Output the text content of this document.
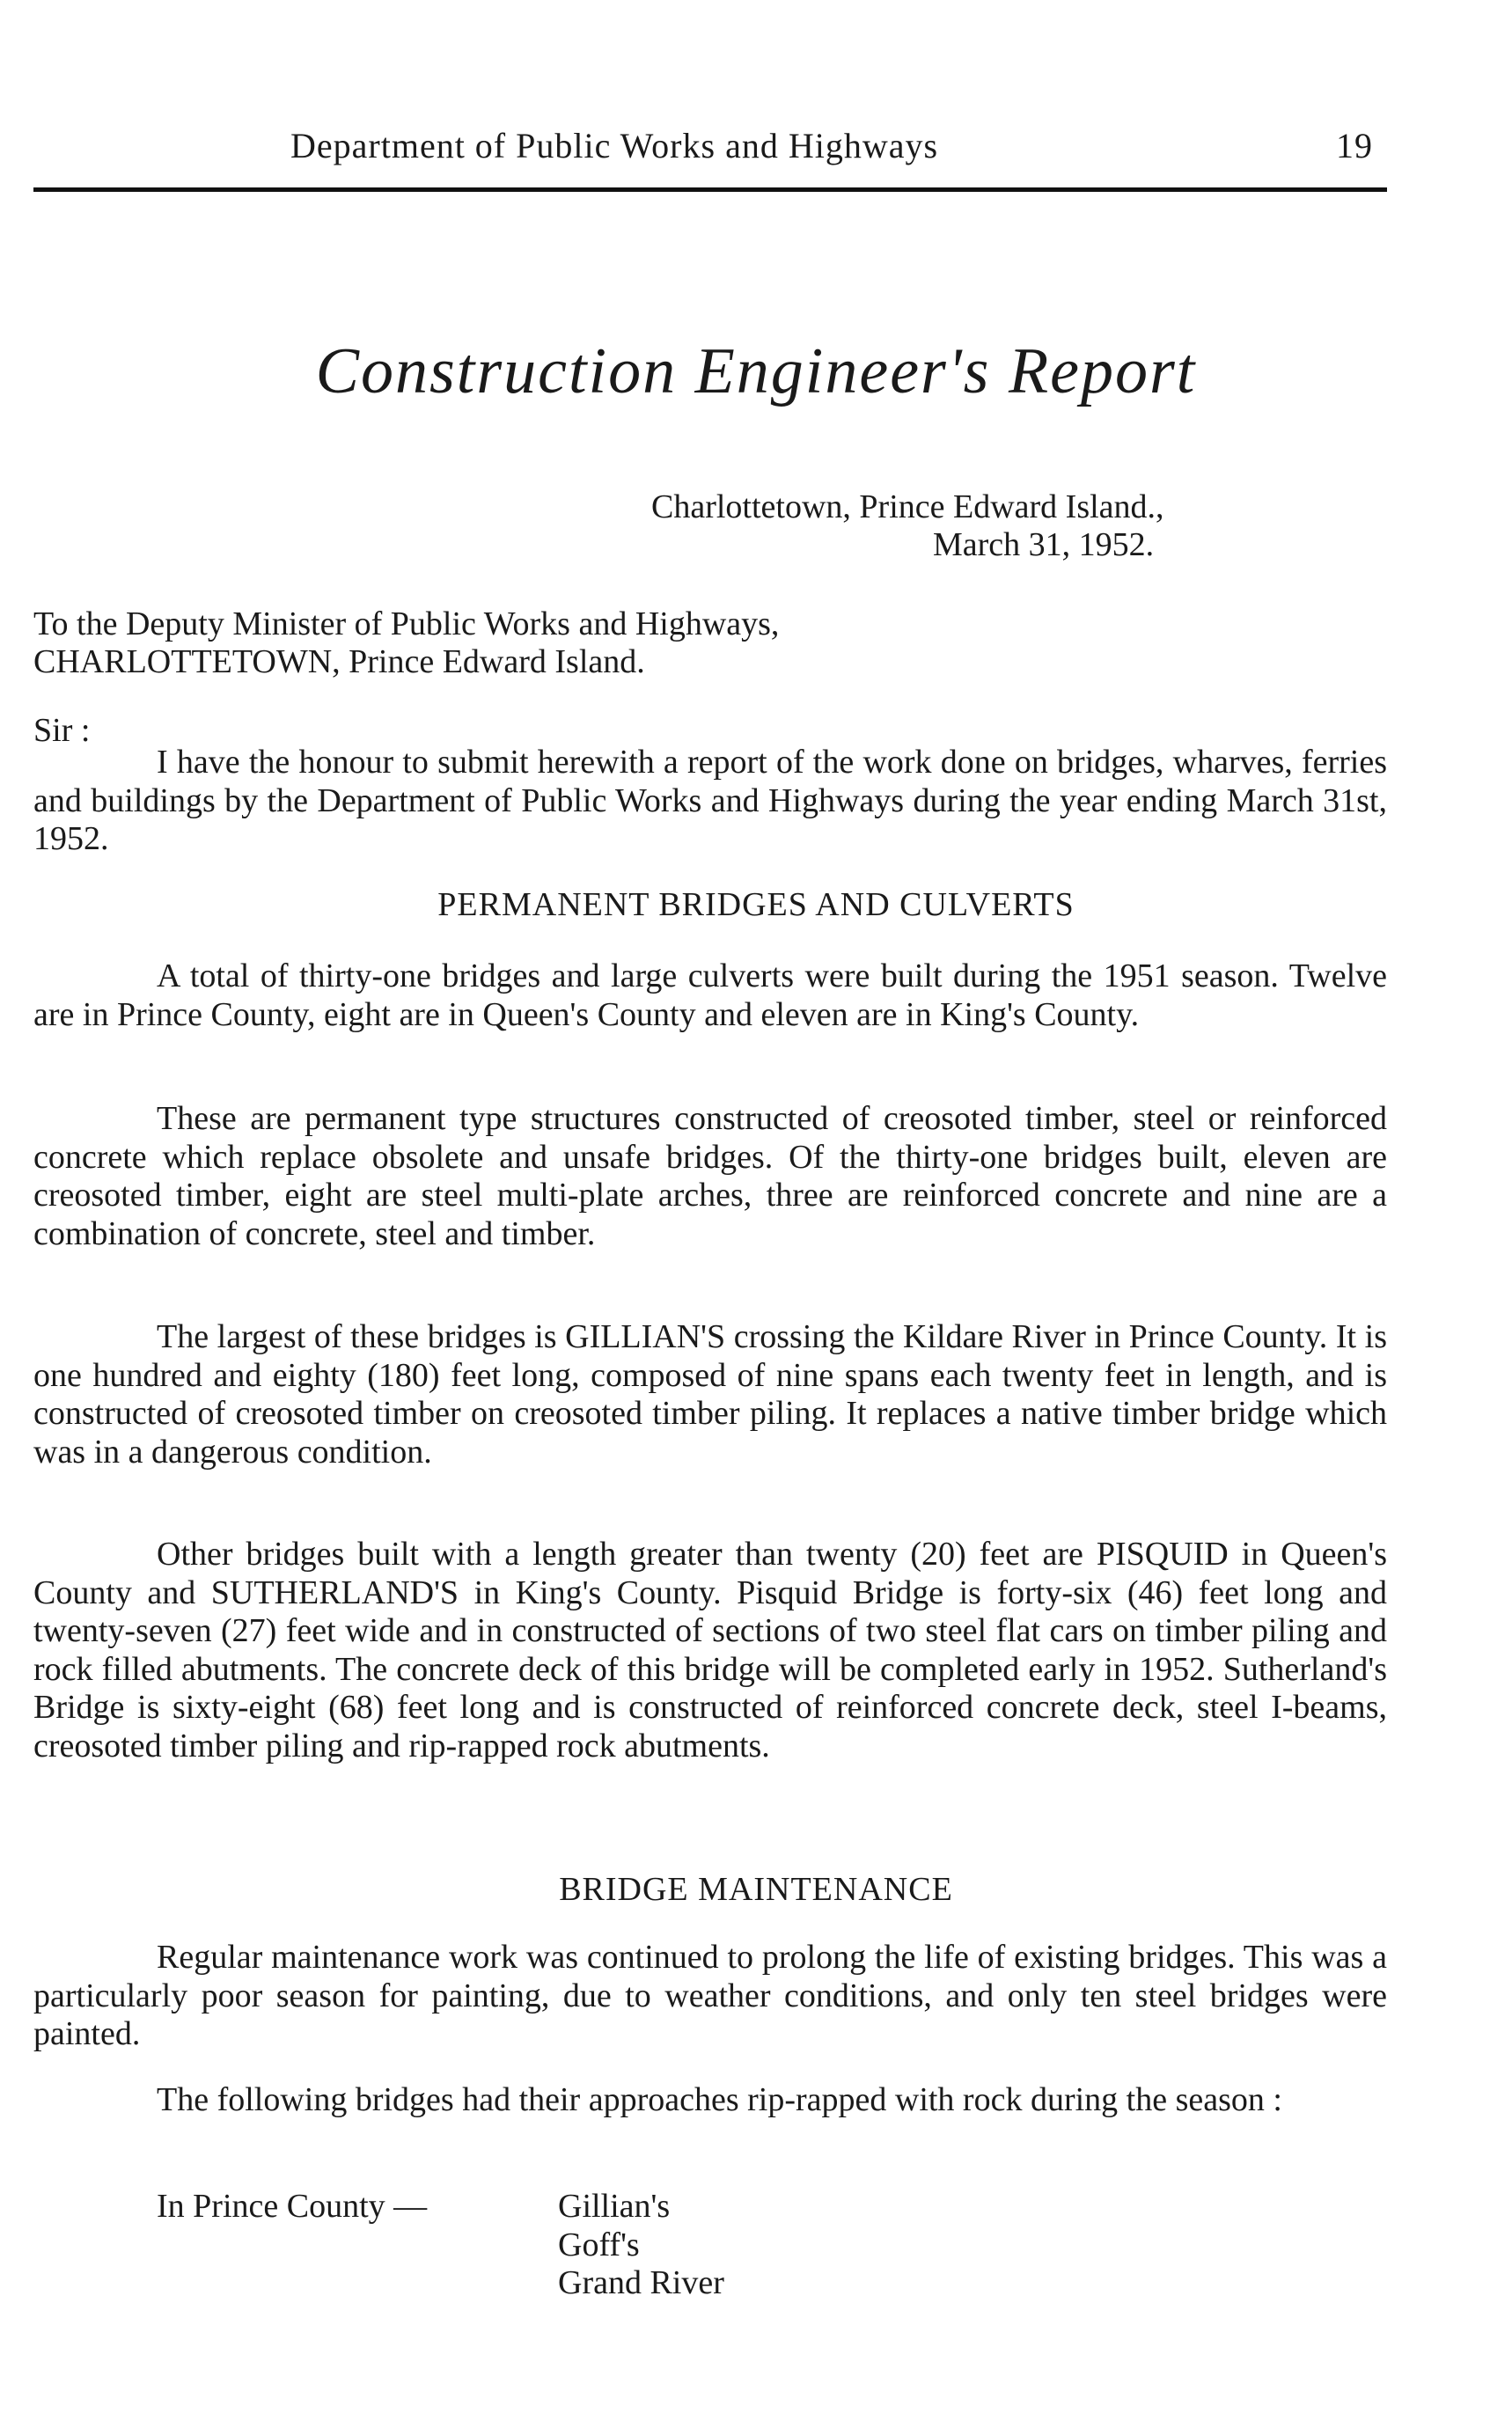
Department of Public Works and Highways	19
Construction Engineer's Report
Charlottetown, Prince Edward Island.,
March 31, 1952.
To the Deputy Minister of Public Works and Highways,
CHARLOTTETOWN, Prince Edward Island.
Sir :

I have the honour to submit herewith a report of the work done on bridges, wharves, ferries and buildings by the Department of Public Works and Highways during the year ending March 31st, 1952.

PERMANENT BRIDGES AND CULVERTS

A total of thirty-one bridges and large culverts were built during the 1951 season. Twelve are in Prince County, eight are in Queen's County and eleven are in King's County.

These are permanent type structures constructed of creosoted timber, steel or reinforced concrete which replace obsolete and unsafe bridges. Of the thirty-one bridges built, eleven are creosoted timber, eight are steel multi-plate arches, three are reinforced concrete and nine are a combination of concrete, steel and timber.

The largest of these bridges is GILLIAN'S crossing the Kildare River in Prince County. It is one hundred and eighty (180) feet long, composed of nine spans each twenty feet in length, and is constructed of creosoted timber on creosoted timber piling. It replaces a native timber bridge which was in a dangerous condition.

Other bridges built with a length greater than twenty (20) feet are PISQUID in Queen's County and SUTHERLAND'S in King's County. Pisquid Bridge is forty-six (46) feet long and twenty-seven (27) feet wide and in constructed of sections of two steel flat cars on timber piling and rock filled abutments. The concrete deck of this bridge will be completed early in 1952. Sutherland's Bridge is sixty-eight (68) feet long and is constructed of reinforced concrete deck, steel I-beams, creosoted timber piling and rip-rapped rock abutments.

BRIDGE MAINTENANCE

Regular maintenance work was continued to prolong the life of existing bridges. This was a particularly poor season for painting, due to weather conditions, and only ten steel bridges were painted.

The following bridges had their approaches rip-rapped with rock during the season :

In Prince County —	Gillian's
Goff's
Grand River
